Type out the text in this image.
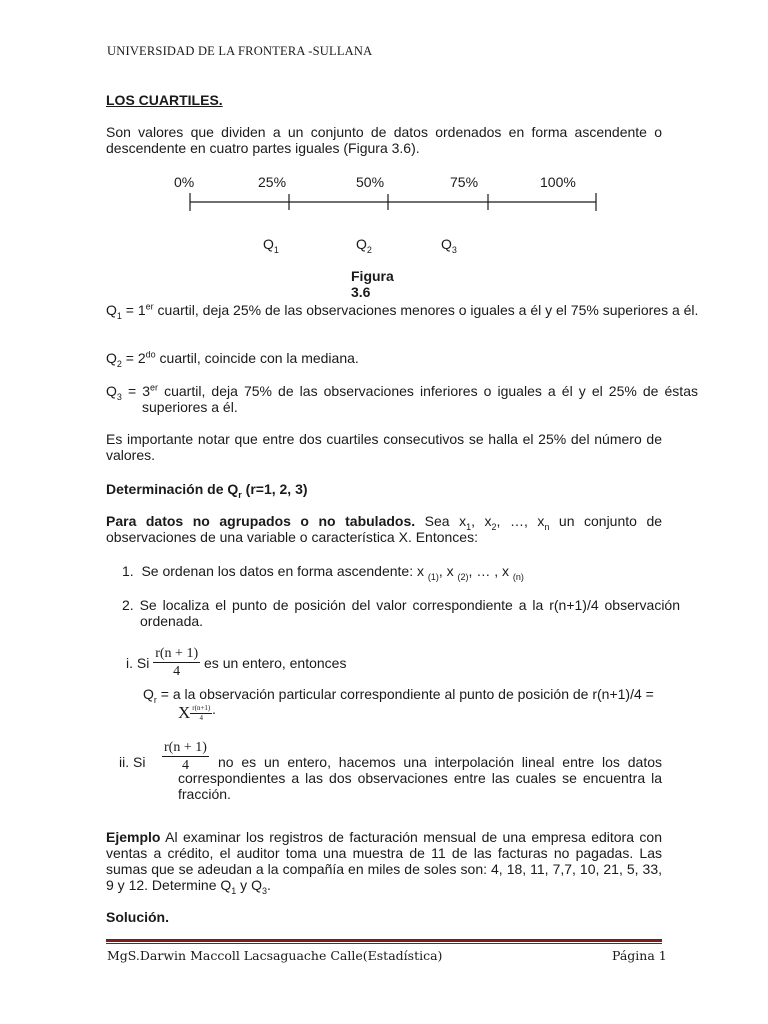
UNIVERSIDAD DE LA FRONTERA -SULLANA
LOS CUARTILES.
Son valores que dividen a un conjunto de datos ordenados en forma ascendente o descendente en cuatro partes iguales (Figura 3.6).
0%	25%	50%	75%	100%
$Q_1$	$Q_2$	$Q_3$
Figura 3.6
$Q_1 = 1er$ cuartil, deja 25% de las observaciones menores o iguales a él y el 75% superiores a él.
$Q_2 = 2^{do}$ cuartil, coincide con la mediana.
$Q_3 = 3er$ cuartil, deja 75% de las observaciones inferiores o iguales a él y el 25% de éstas superiores a él.
Es importante notar que entre dos cuartiles consecutivos se halla el 25% del número de valores.
Determinación de $Q_r$ (r=1, 2, 3)
Para datos no agrupados o no tabulados. Sea $x_1$, $x_2$, …, $x_n$ un conjunto de observaciones de una variable o característica X. Entonces:
1. Se ordenan los datos en forma ascendente: x $_{(1)}$, x $_{(2)}$, … , x $_{(n)}$
2. Se localiza el punto de posición del valor correspondiente a la r(n+1)/4 observación ordenada.
i. Si $\frac{r(n + 1)}{4}$ es un entero, entonces
$Q_r = a$ la observación particular correspondiente al punto de posición de r(n+1)/4 =
X $\frac{r(n+1)}{4}$ .
ii. Si $\frac{r(n + 1)}{4}$ no es un entero, hacemos una interpolación lineal entre los datos correspondientes a las dos observaciones entre las cuales se encuentra la fracción.
Ejemplo Al examinar los registros de facturación mensual de una empresa editora con ventas a crédito, el auditor toma una muestra de 11 de las facturas no pagadas. Las sumas que se adeudan a la compañía en miles de soles son: 4, 18, 11, 7,7, 10, 21, 5, 33, 9 y 12. Determine $Q_1$ y $Q_3$.
Solución.
MgS.Darwin Maccoll Lacsaguache Calle(Estadística)	Página 1
